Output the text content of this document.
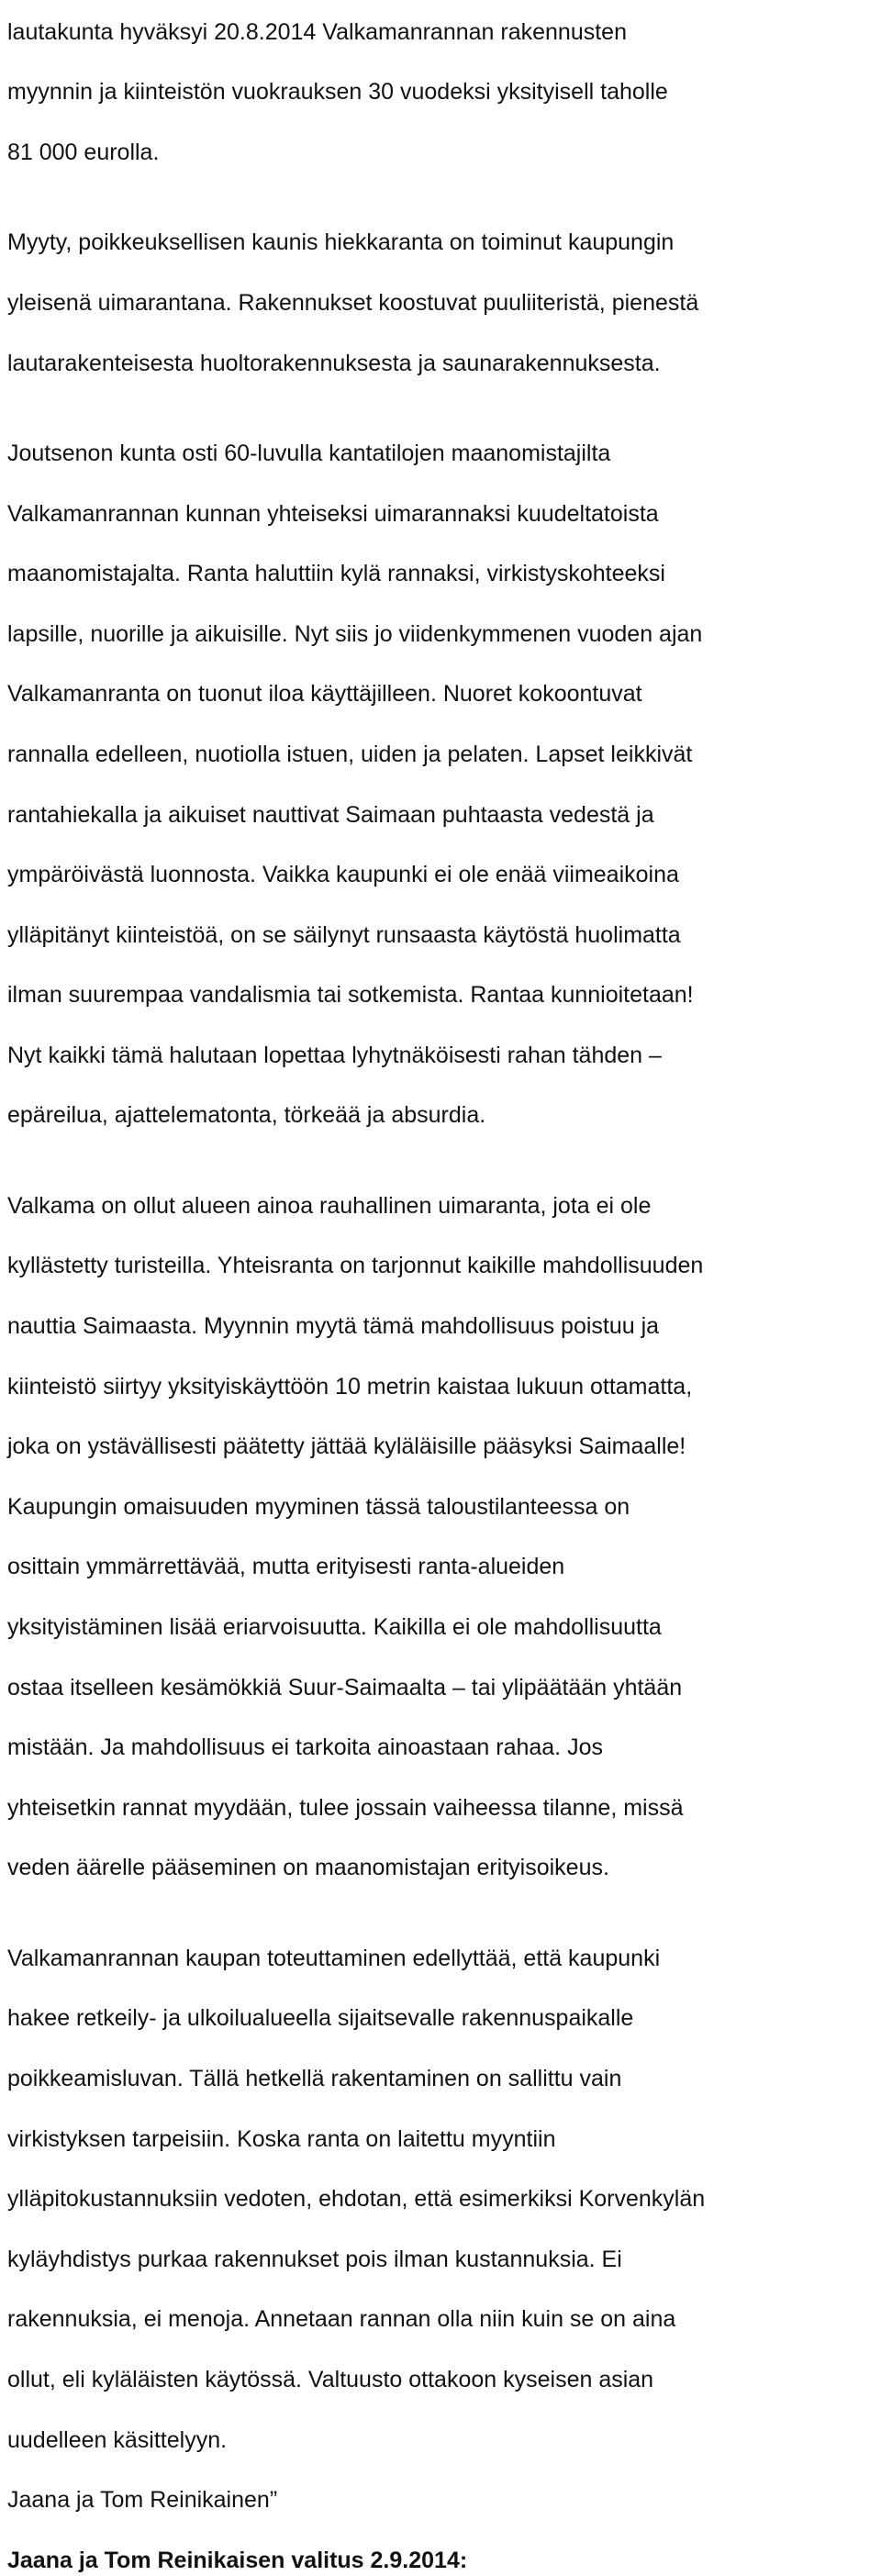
lautakunta hyväksyi 20.8.2014 Valkamanrannan rakennusten

myynnin ja kiinteistön vuokrauksen 30 vuodeksi yksityisell taholle

81 000 eurolla.

Myyty, poikkeuksellisen kaunis hiekkaranta on toiminut kaupungin

yleisenä uimarantana. Rakennukset koostuvat puuliiteristä, pienestä

lautarakenteisesta huoltorakennuksesta ja saunarakennuksesta.

Joutsenon kunta osti 60-luvulla kantatilojen maanomistajilta

Valkamanrannan kunnan yhteiseksi uimarannaksi kuudeltatoista

maanomistajalta. Ranta haluttiin kylä rannaksi, virkistyskohteeksi

lapsille, nuorille ja aikuisille. Nyt siis jo viidenkymmenen vuoden ajan

Valkamanranta on tuonut iloa käyttäjilleen. Nuoret kokoontuvat

rannalla edelleen, nuotiolla istuen, uiden ja pelaten. Lapset leikkivät

rantahiekalla ja aikuiset nauttivat Saimaan puhtaasta vedestä ja

ympäröivästä luonnosta. Vaikka kaupunki ei ole enää viimeaikoina

ylläpitänyt kiinteistöä, on se säilynyt runsaasta käytöstä huolimatta

ilman suurempaa vandalismia tai sotkemista. Rantaa kunnioitetaan!

Nyt kaikki tämä halutaan lopettaa lyhytnäköisesti rahan tähden –

epäreilua, ajattelematonta, törkeää ja absurdia.

Valkama on ollut alueen ainoa rauhallinen uimaranta, jota ei ole

kyllästetty turisteilla. Yhteisranta on tarjonnut kaikille mahdollisuuden

nauttia Saimaasta. Myynnin myytä tämä mahdollisuus poistuu ja

kiinteistö siirtyy yksityiskäyttöön 10 metrin kaistaa lukuun ottamatta,

joka on ystävällisesti päätetty jättää kyläläisille pääsyksi Saimaalle!

Kaupungin omaisuuden myyminen tässä taloustilanteessa on

osittain ymmärrettävää, mutta erityisesti ranta-alueiden

yksityistäminen lisää eriarvoisuutta. Kaikilla ei ole mahdollisuutta

ostaa itselleen kesämökkiä Suur-Saimaalta – tai ylipäätään yhtään

mistään. Ja mahdollisuus ei tarkoita ainoastaan rahaa. Jos

yhteisetkin rannat myydään, tulee jossain vaiheessa tilanne, missä

veden äärelle pääseminen on maanomistajan erityisoikeus.

Valkamanrannan kaupan toteuttaminen edellyttää, että kaupunki

hakee retkeily- ja ulkoilualueella sijaitsevalle rakennuspaikalle

poikkeamisluvan. Tällä hetkellä rakentaminen on sallittu vain

virkistyksen tarpeisiin. Koska ranta on laitettu myyntiin

ylläpitokustannuksiin vedoten, ehdotan, että esimerkiksi Korvenkylän

kyläyhdistys purkaa rakennukset pois ilman kustannuksia. Ei

rakennuksia, ei menoja. Annetaan rannan olla niin kuin se on aina

ollut, eli kyläläisten käytössä. Valtuusto ottakoon kyseisen asian

uudelleen käsittelyyn.

Jaana ja Tom Reinikainen”

Jaana ja Tom Reinikaisen valitus 2.9.2014:
